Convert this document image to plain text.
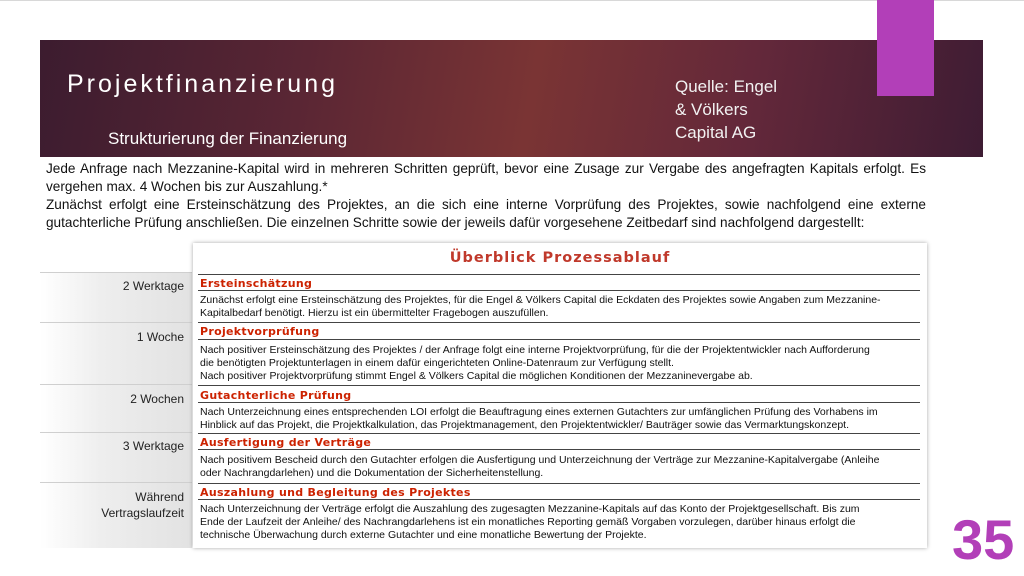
Projektfinanzierung
Strukturierung der Finanzierung
Quelle: Engel
& Völkers
Capital AG

Jede Anfrage nach Mezzanine-Kapital wird in mehreren Schritten geprüft, bevor eine Zusage zur Vergabe des angefragten Kapitals erfolgt. Es vergehen max. 4 Wochen bis zur Auszahlung.*

Zunächst erfolgt eine Ersteinschätzung des Projektes, an die sich eine interne Vorprüfung des Projektes, sowie nachfolgend eine externe gutachterliche Prüfung anschließen. Die einzelnen Schritte sowie der jeweils dafür vorgesehene Zeitbedarf sind nachfolgend dargestellt:

2 Werktage
1 Woche
2 Wochen
3 Werktage
Während
Vertragslaufzeit
Überblick Prozessablauf
Ersteinschätzung
Zunächst erfolgt eine Ersteinschätzung des Projektes, für die Engel & Völkers Capital die Eckdaten des Projektes sowie Angaben zum Mezzanine-
Kapitalbedarf benötigt. Hierzu ist ein übermittelter Fragebogen auszufüllen.
Projektvorprüfung
Nach positiver Ersteinschätzung des Projektes / der Anfrage folgt eine interne Projektvorprüfung, für die der Projektentwickler nach Aufforderung
die benötigten Projektunterlagen in einem dafür eingerichteten Online-Datenraum zur Verfügung stellt.
Nach positiver Projektvorprüfung stimmt Engel & Völkers Capital die möglichen Konditionen der Mezzaninevergabe ab.
Gutachterliche Prüfung
Nach Unterzeichnung eines entsprechenden LOI erfolgt die Beauftragung eines externen Gutachters zur umfänglichen Prüfung des Vorhabens im
Hinblick auf das Projekt, die Projektkalkulation, das Projektmanagement, den Projektentwickler/ Bauträger sowie das Vermarktungskonzept.
Ausfertigung der Verträge
Nach positivem Bescheid durch den Gutachter erfolgen die Ausfertigung und Unterzeichnung der Verträge zur Mezzanine-Kapitalvergabe (Anleihe
oder Nachrangdarlehen) und die Dokumentation der Sicherheitenstellung.
Auszahlung und Begleitung des Projektes
Nach Unterzeichnung der Verträge erfolgt die Auszahlung des zugesagten Mezzanine-Kapitals auf das Konto der Projektgesellschaft. Bis zum
Ende der Laufzeit der Anleihe/ des Nachrangdarlehens ist ein monatliches Reporting gemäß Vorgaben vorzulegen, darüber hinaus erfolgt die
technische Überwachung durch externe Gutachter und eine monatliche Bewertung der Projekte.	35
